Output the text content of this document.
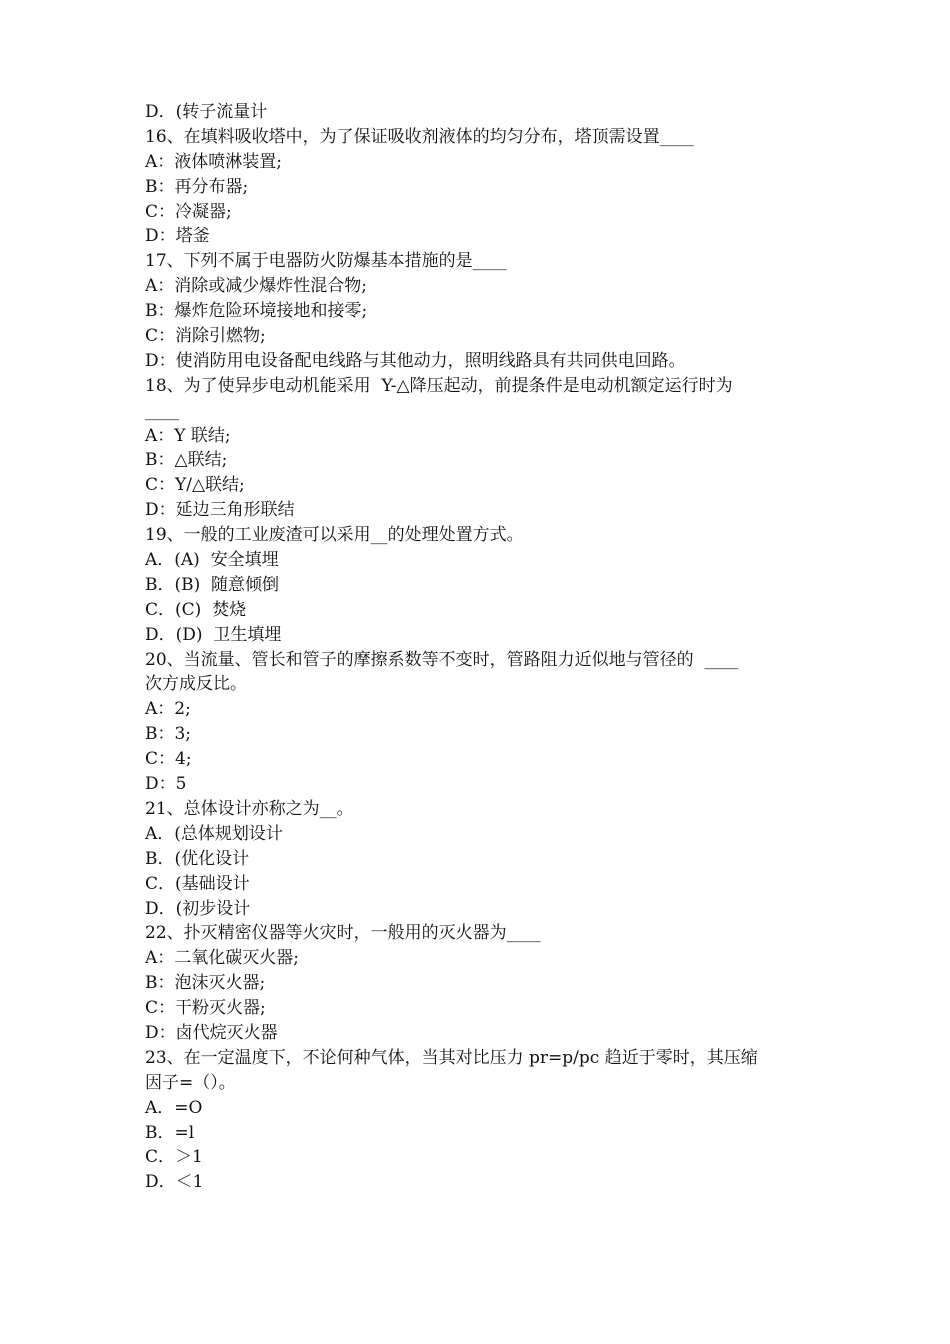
D．(转子流量计
16、在填料吸收塔中，为了保证吸收剂液体的均匀分布，塔顶需设置____
A：液体喷淋装置;
B：再分布器;
C：冷凝器;
D：塔釜
17、下列不属于电器防火防爆基本措施的是____
A：消除或减少爆炸性混合物;
B：爆炸危险环境接地和接零;
C：消除引燃物;
D：使消防用电设备配电线路与其他动力，照明线路具有共同供电回路。
18、为了使异步电动机能采用  Y-△降压起动，前提条件是电动机额定运行时为
____
A：Y 联结;
B：△联结;
C：Y/△联结;
D：延边三角形联结
19、一般的工业废渣可以采用__的处理处置方式。
A．(A)  安全填埋
B．(B)  随意倾倒
C．(C)  焚烧
D．(D)  卫生填埋
20、当流量、管长和管子的摩擦系数等不变时，管路阻力近似地与管径的  ____
次方成反比。
A：2;
B：3;
C：4;
D：5
21、总体设计亦称之为__。
A．(总体规划设计
B．(优化设计
C．(基础设计
D．(初步设计
22、扑灭精密仪器等火灾时，一般用的灭火器为____
A：二氧化碳灭火器;
B：泡沫灭火器;
C：干粉灭火器;
D：卤代烷灭火器
23、在一定温度下，不论何种气体，当其对比压力 pr=p/pc 趋近于零时，其压缩
因子=（）。
A．=O
B．=l
C．＞1
D．＜1
